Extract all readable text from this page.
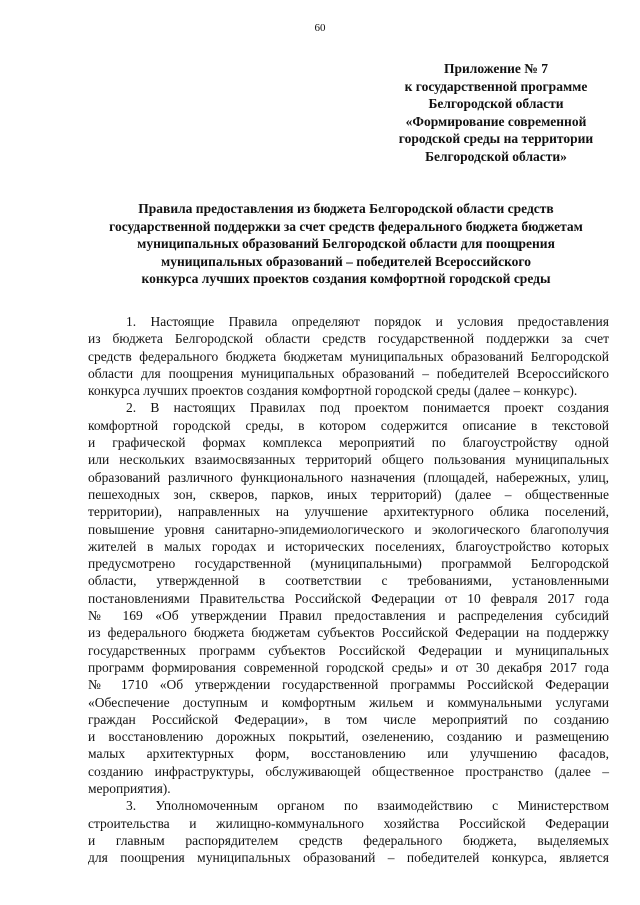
60
Приложение № 7
к государственной программе
Белгородской области
«Формирование современной
городской среды на территории
Белгородской области»
Правила предоставления из бюджета Белгородской области средств
государственной поддержки за счет средств федерального бюджета бюджетам
муниципальных образований Белгородской области для поощрения
муниципальных образований – победителей Всероссийского
конкурса лучших проектов создания комфортной городской среды
1. Настоящие Правила определяют порядок и условия предоставления
из бюджета Белгородской области средств государственной поддержки за счет
средств федерального бюджета бюджетам муниципальных образований Белгородской
области для поощрения муниципальных образований – победителей Всероссийского
конкурса лучших проектов создания комфортной городской среды (далее – конкурс).
2. В настоящих Правилах под проектом понимается проект создания
комфортной городской среды, в котором содержится описание в текстовой
и графической формах комплекса мероприятий по благоустройству одной
или нескольких взаимосвязанных территорий общего пользования муниципальных
образований различного функционального назначения (площадей, набережных, улиц,
пешеходных зон, скверов, парков, иных территорий) (далее – общественные
территории), направленных на улучшение архитектурного облика поселений,
повышение уровня санитарно-эпидемиологического и экологического благополучия
жителей в малых городах и исторических поселениях, благоустройство которых
предусмотрено государственной (муниципальными) программой Белгородской
области, утвержденной в соответствии с требованиями, установленными
постановлениями Правительства Российской Федерации от 10 февраля 2017 года
№ 169 «Об утверждении Правил предоставления и распределения субсидий
из федерального бюджета бюджетам субъектов Российской Федерации на поддержку
государственных программ субъектов Российской Федерации и муниципальных
программ формирования современной городской среды» и от 30 декабря 2017 года
№ 1710 «Об утверждении государственной программы Российской Федерации
«Обеспечение доступным и комфортным жильем и коммунальными услугами
граждан Российской Федерации», в том числе мероприятий по созданию
и восстановлению дорожных покрытий, озеленению, созданию и размещению
малых архитектурных форм, восстановлению или улучшению фасадов,
созданию инфраструктуры, обслуживающей общественное пространство (далее –
мероприятия).
3. Уполномоченным органом по взаимодействию с Министерством
строительства и жилищно-коммунального хозяйства Российской Федерации
и главным распорядителем средств федерального бюджета, выделяемых
для поощрения муниципальных образований – победителей конкурса, является
